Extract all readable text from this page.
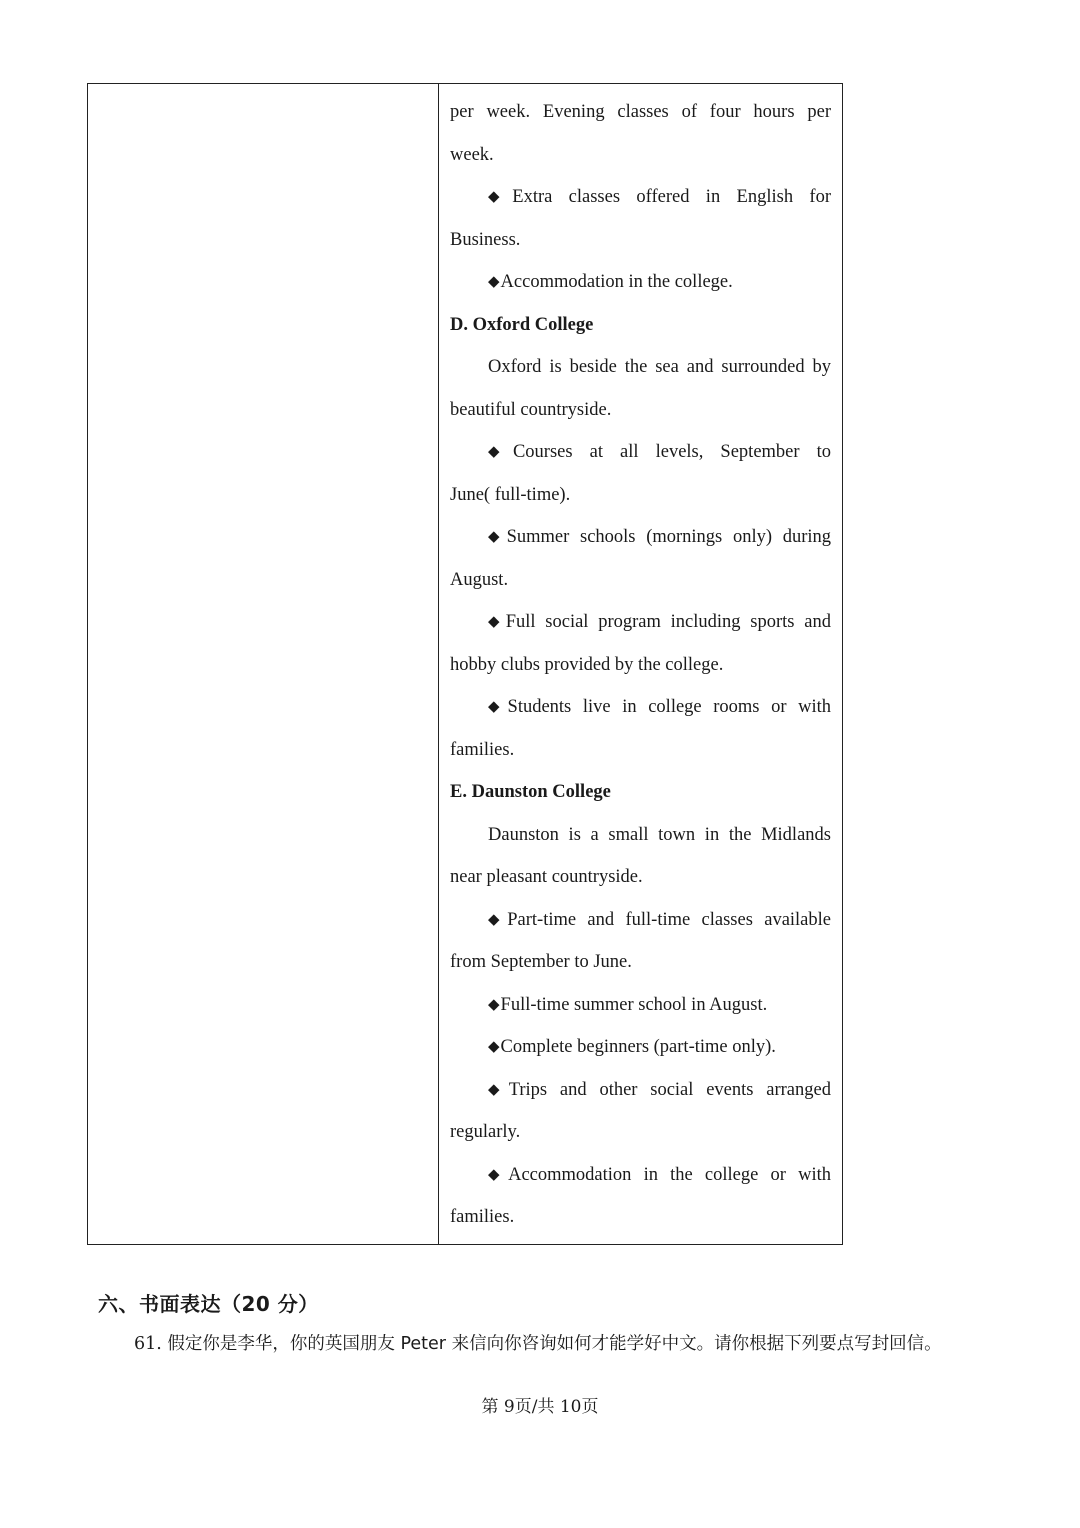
per week. Evening classes of four hours per
week.

◆Extra classes offered in English for
Business.

◆Accommodation in the college.

D. Oxford College

Oxford is beside the sea and surrounded by
beautiful countryside.

◆Courses at all levels, September to
June( full-time).

◆Summer schools (mornings only) during
August.

◆Full social program including sports and
hobby clubs provided by the college.

◆Students live in college rooms or with
families.

E. Daunston College

Daunston is a small town in the Midlands
near pleasant countryside.

◆Part-time and full-time classes available
from September to June.

◆Full-time summer school in August.

◆Complete beginners (part-time only).

◆Trips and other social events arranged
regularly.

◆Accommodation in the college or with
families.

六、书面表达（20 分）

61. 假定你是李华，你的英国朋友 Peter 来信向你咨询如何才能学好中文。请你根据下列要点写封回信。

第 9页/共 10页
